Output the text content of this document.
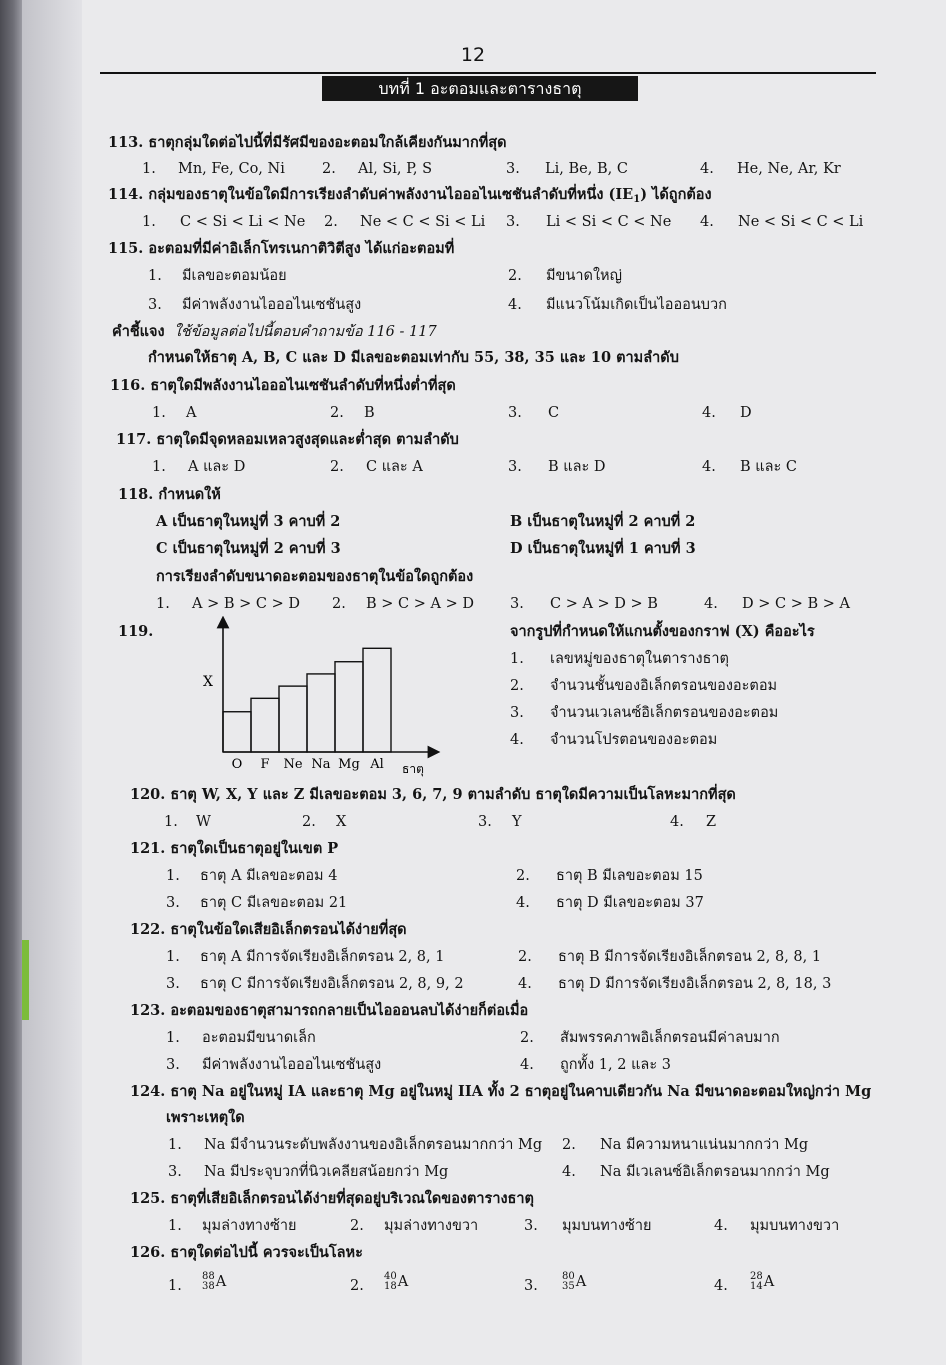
12
บทที่ 1 อะตอมและตารางธาตุ
113. ธาตุกลุ่มใดต่อไปนี้ที่มีรัศมีของอะตอมใกล้เคียงกันมากที่สุด
1. Mn, Fe, Co, Ni	2. Al, Si, P, S	3. Li, Be, B, C	4. He, Ne, Ar, Kr
114. กลุ่มของธาตุในข้อใดมีการเรียงลำดับค่าพลังงานไอออไนเซชันลำดับที่หนึ่ง $(IE_1)$ ได้ถูกต้อง
1. C < Si < Li < Ne 2. Ne < C < Si < Li 3. Li < Si < C < Ne 4. Ne < Si < C < Li
115. อะตอมที่มีค่าอิเล็กโทรเนกาติวิตีสูง ได้แก่อะตอมที่
1. มีเลขอะตอมน้อย	2. มีขนาดใหญ่
3. มีค่าพลังงานไอออไนเซชันสูง	4. มีแนวโน้มเกิดเป็นไอออนบวก
คำชี้แจง ใช้ข้อมูลต่อไปนี้ตอบคำถามข้อ 116 - 117
กำหนดให้ธาตุ A, B, C และ D มีเลขอะตอมเท่ากับ 55, 38, 35 และ 10 ตามลำดับ
116. ธาตุใดมีพลังงานไอออไนเซชันลำดับที่หนึ่งต่ำที่สุด
1. A	2. B	3. C	4. D
117. ธาตุใดมีจุดหลอมเหลวสูงสุดและต่ำสุด ตามลำดับ
1. A และ D	2. C และ A	3. B และ D	4. B และ C
118. กำหนดให้
A เป็นธาตุในหมู่ที่ 3 คาบที่ 2	B เป็นธาตุในหมู่ที่ 2 คาบที่ 2
C เป็นธาตุในหมู่ที่ 2 คาบที่ 3	D เป็นธาตุในหมู่ที่ 1 คาบที่ 3
การเรียงลำดับขนาดอะตอมของธาตุในข้อใดถูกต้อง
1. A > B > C > D 2. B > C > A > D 3. C > A > D > B	4. D > C > B > A
119.
X
ธาตุ
O F Ne Na Mg Al
จากรูปที่กำหนดให้แกนตั้งของกราฟ (X) คืออะไร
1. เลขหมู่ของธาตุในตารางธาตุ
2. จำนวนชั้นของอิเล็กตรอนของอะตอม
3. จำนวนเวเลนซ์อิเล็กตรอนของอะตอม
4. จำนวนโปรตอนของอะตอม
120. ธาตุ W, X, Y และ Z มีเลขอะตอม 3, 6, 7, 9 ตามลำดับ ธาตุใดมีความเป็นโลหะมากที่สุด
1. W	2. X	3. Y	4. Z
121. ธาตุใดเป็นธาตุอยู่ในเขต P
1. ธาตุ A มีเลขอะตอม 4	2. ธาตุ B มีเลขอะตอม 15
3. ธาตุ C มีเลขอะตอม 21	4. ธาตุ D มีเลขอะตอม 37
122. ธาตุในข้อใดเสียอิเล็กตรอนได้ง่ายที่สุด
1. ธาตุ A มีการจัดเรียงอิเล็กตรอน 2, 8, 1	2. ธาตุ B มีการจัดเรียงอิเล็กตรอน 2, 8, 8, 1
3. ธาตุ C มีการจัดเรียงอิเล็กตรอน 2, 8, 9, 2	4. ธาตุ D มีการจัดเรียงอิเล็กตรอน 2, 8, 18, 3
123. อะตอมของธาตุสามารถกลายเป็นไอออนลบได้ง่ายก็ต่อเมื่อ
1. อะตอมมีขนาดเล็ก	2. สัมพรรคภาพอิเล็กตรอนมีค่าลบมาก
3. มีค่าพลังงานไอออไนเซชันสูง	4. ถูกทั้ง 1, 2 และ 3
124. ธาตุ Na อยู่ในหมู่ IA และธาตุ Mg อยู่ในหมู่ IIA ทั้ง 2 ธาตุอยู่ในคาบเดียวกัน Na มีขนาดอะตอมใหญ่กว่า Mg
เพราะเหตุใด
1. Na มีจำนวนระดับพลังงานของอิเล็กตรอนมากกว่า Mg 2. Na มีความหนาแน่นมากกว่า Mg
3. Na มีประจุบวกที่นิวเคลียสน้อยกว่า Mg	4. Na มีเวเลนซ์อิเล็กตรอนมากกว่า Mg
125. ธาตุที่เสียอิเล็กตรอนได้ง่ายที่สุดอยู่บริเวณใดของตารางธาตุ
1. มุมล่างทางซ้าย	2. มุมล่างทางขวา	3. มุมบนทางซ้าย	4. มุมบนทางขวา
126. ธาตุใดต่อไปนี้ ควรจะเป็นโลหะ
1.
88
38 A	2.
40
18 A	3.
80
35 A	4.
28
14 A
